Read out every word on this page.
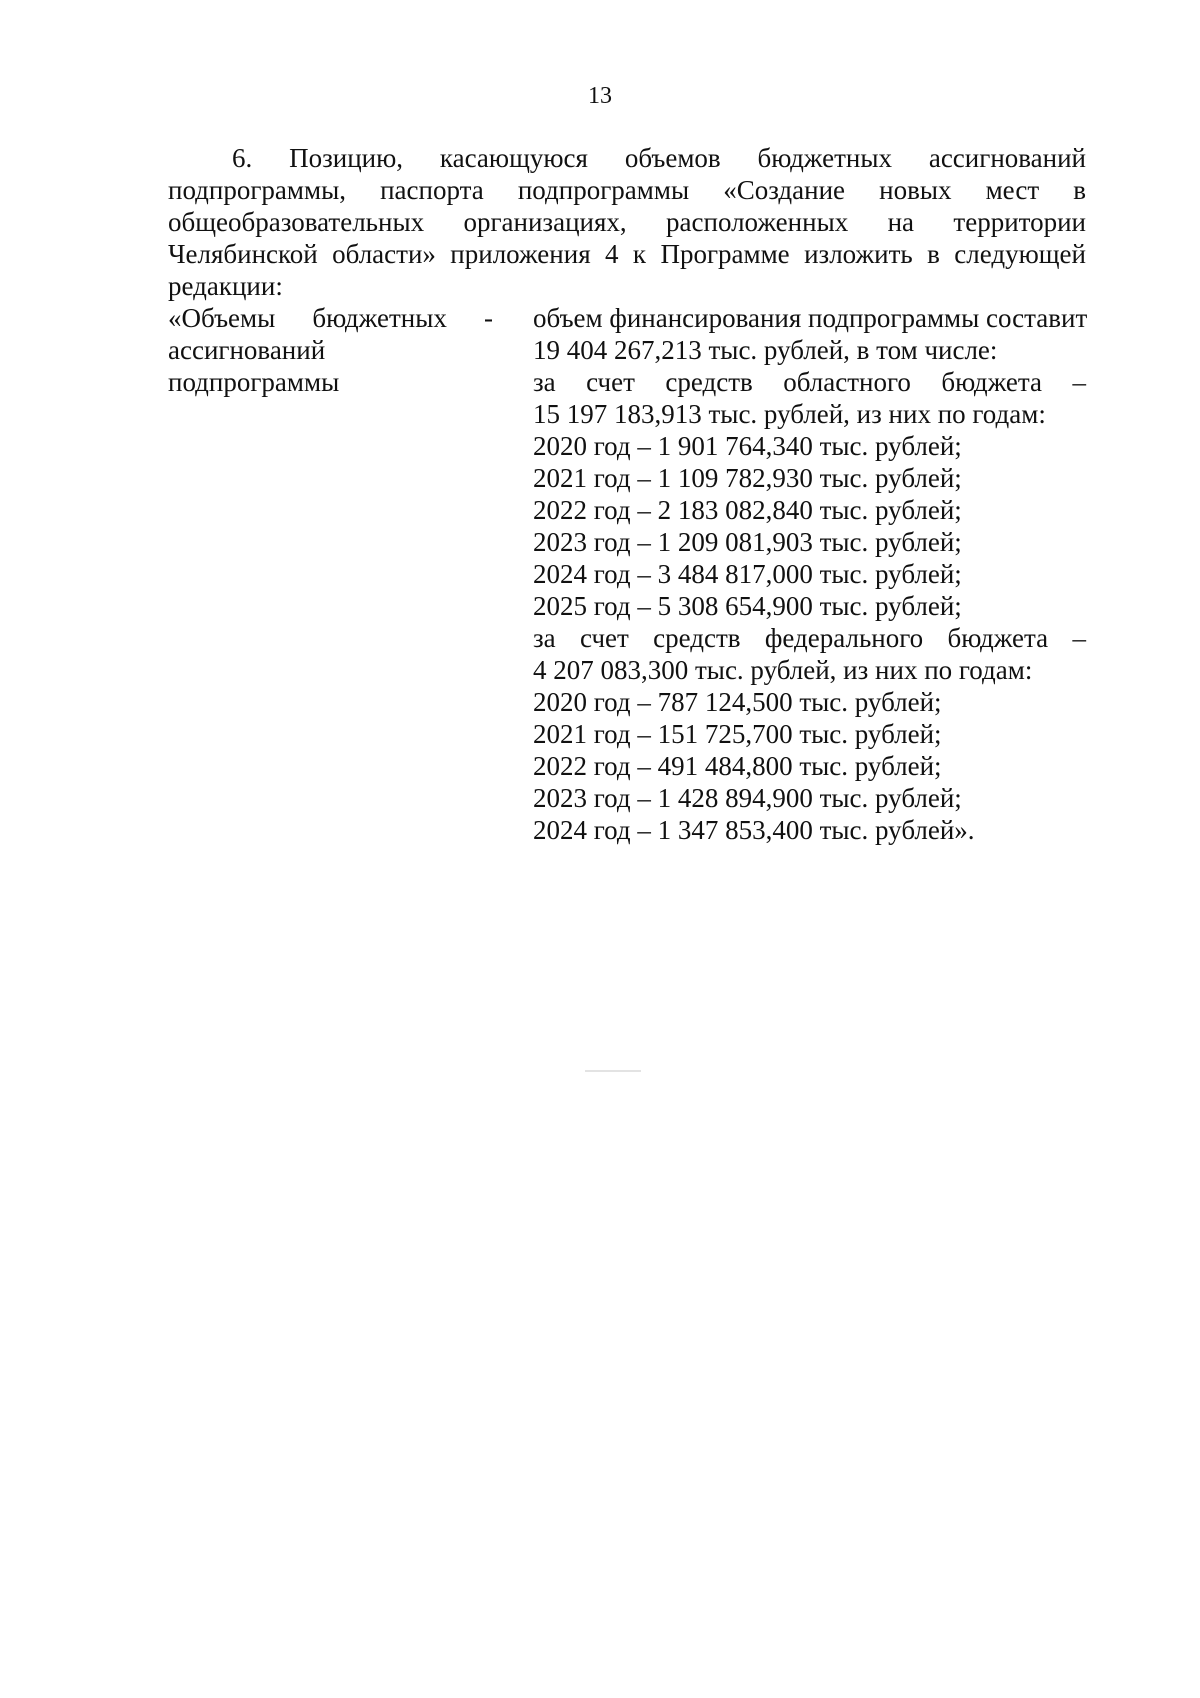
13
6. Позицию, касающуюся объемов бюджетных ассигнований
подпрограммы, паспорта подпрограммы «Создание новых мест в
общеобразовательных организациях, расположенных на территории
Челябинской области» приложения 4 к Программе изложить в следующей
редакции:
«Объемы бюджетных -
ассигнований
подпрограммы
объем финансирования подпрограммы составит
19 404 267,213 тыс. рублей, в том числе:
за счет средств областного бюджета –
15 197 183,913 тыс. рублей, из них по годам:
2020 год – 1 901 764,340 тыс. рублей;
2021 год – 1 109 782,930 тыс. рублей;
2022 год – 2 183 082,840 тыс. рублей;
2023 год – 1 209 081,903 тыс. рублей;
2024 год – 3 484 817,000 тыс. рублей;
2025 год – 5 308 654,900 тыс. рублей;
за счет средств федерального бюджета –
4 207 083,300 тыс. рублей, из них по годам:
2020 год – 787 124,500 тыс. рублей;
2021 год – 151 725,700 тыс. рублей;
2022 год – 491 484,800 тыс. рублей;
2023 год – 1 428 894,900 тыс. рублей;
2024 год – 1 347 853,400 тыс. рублей».
